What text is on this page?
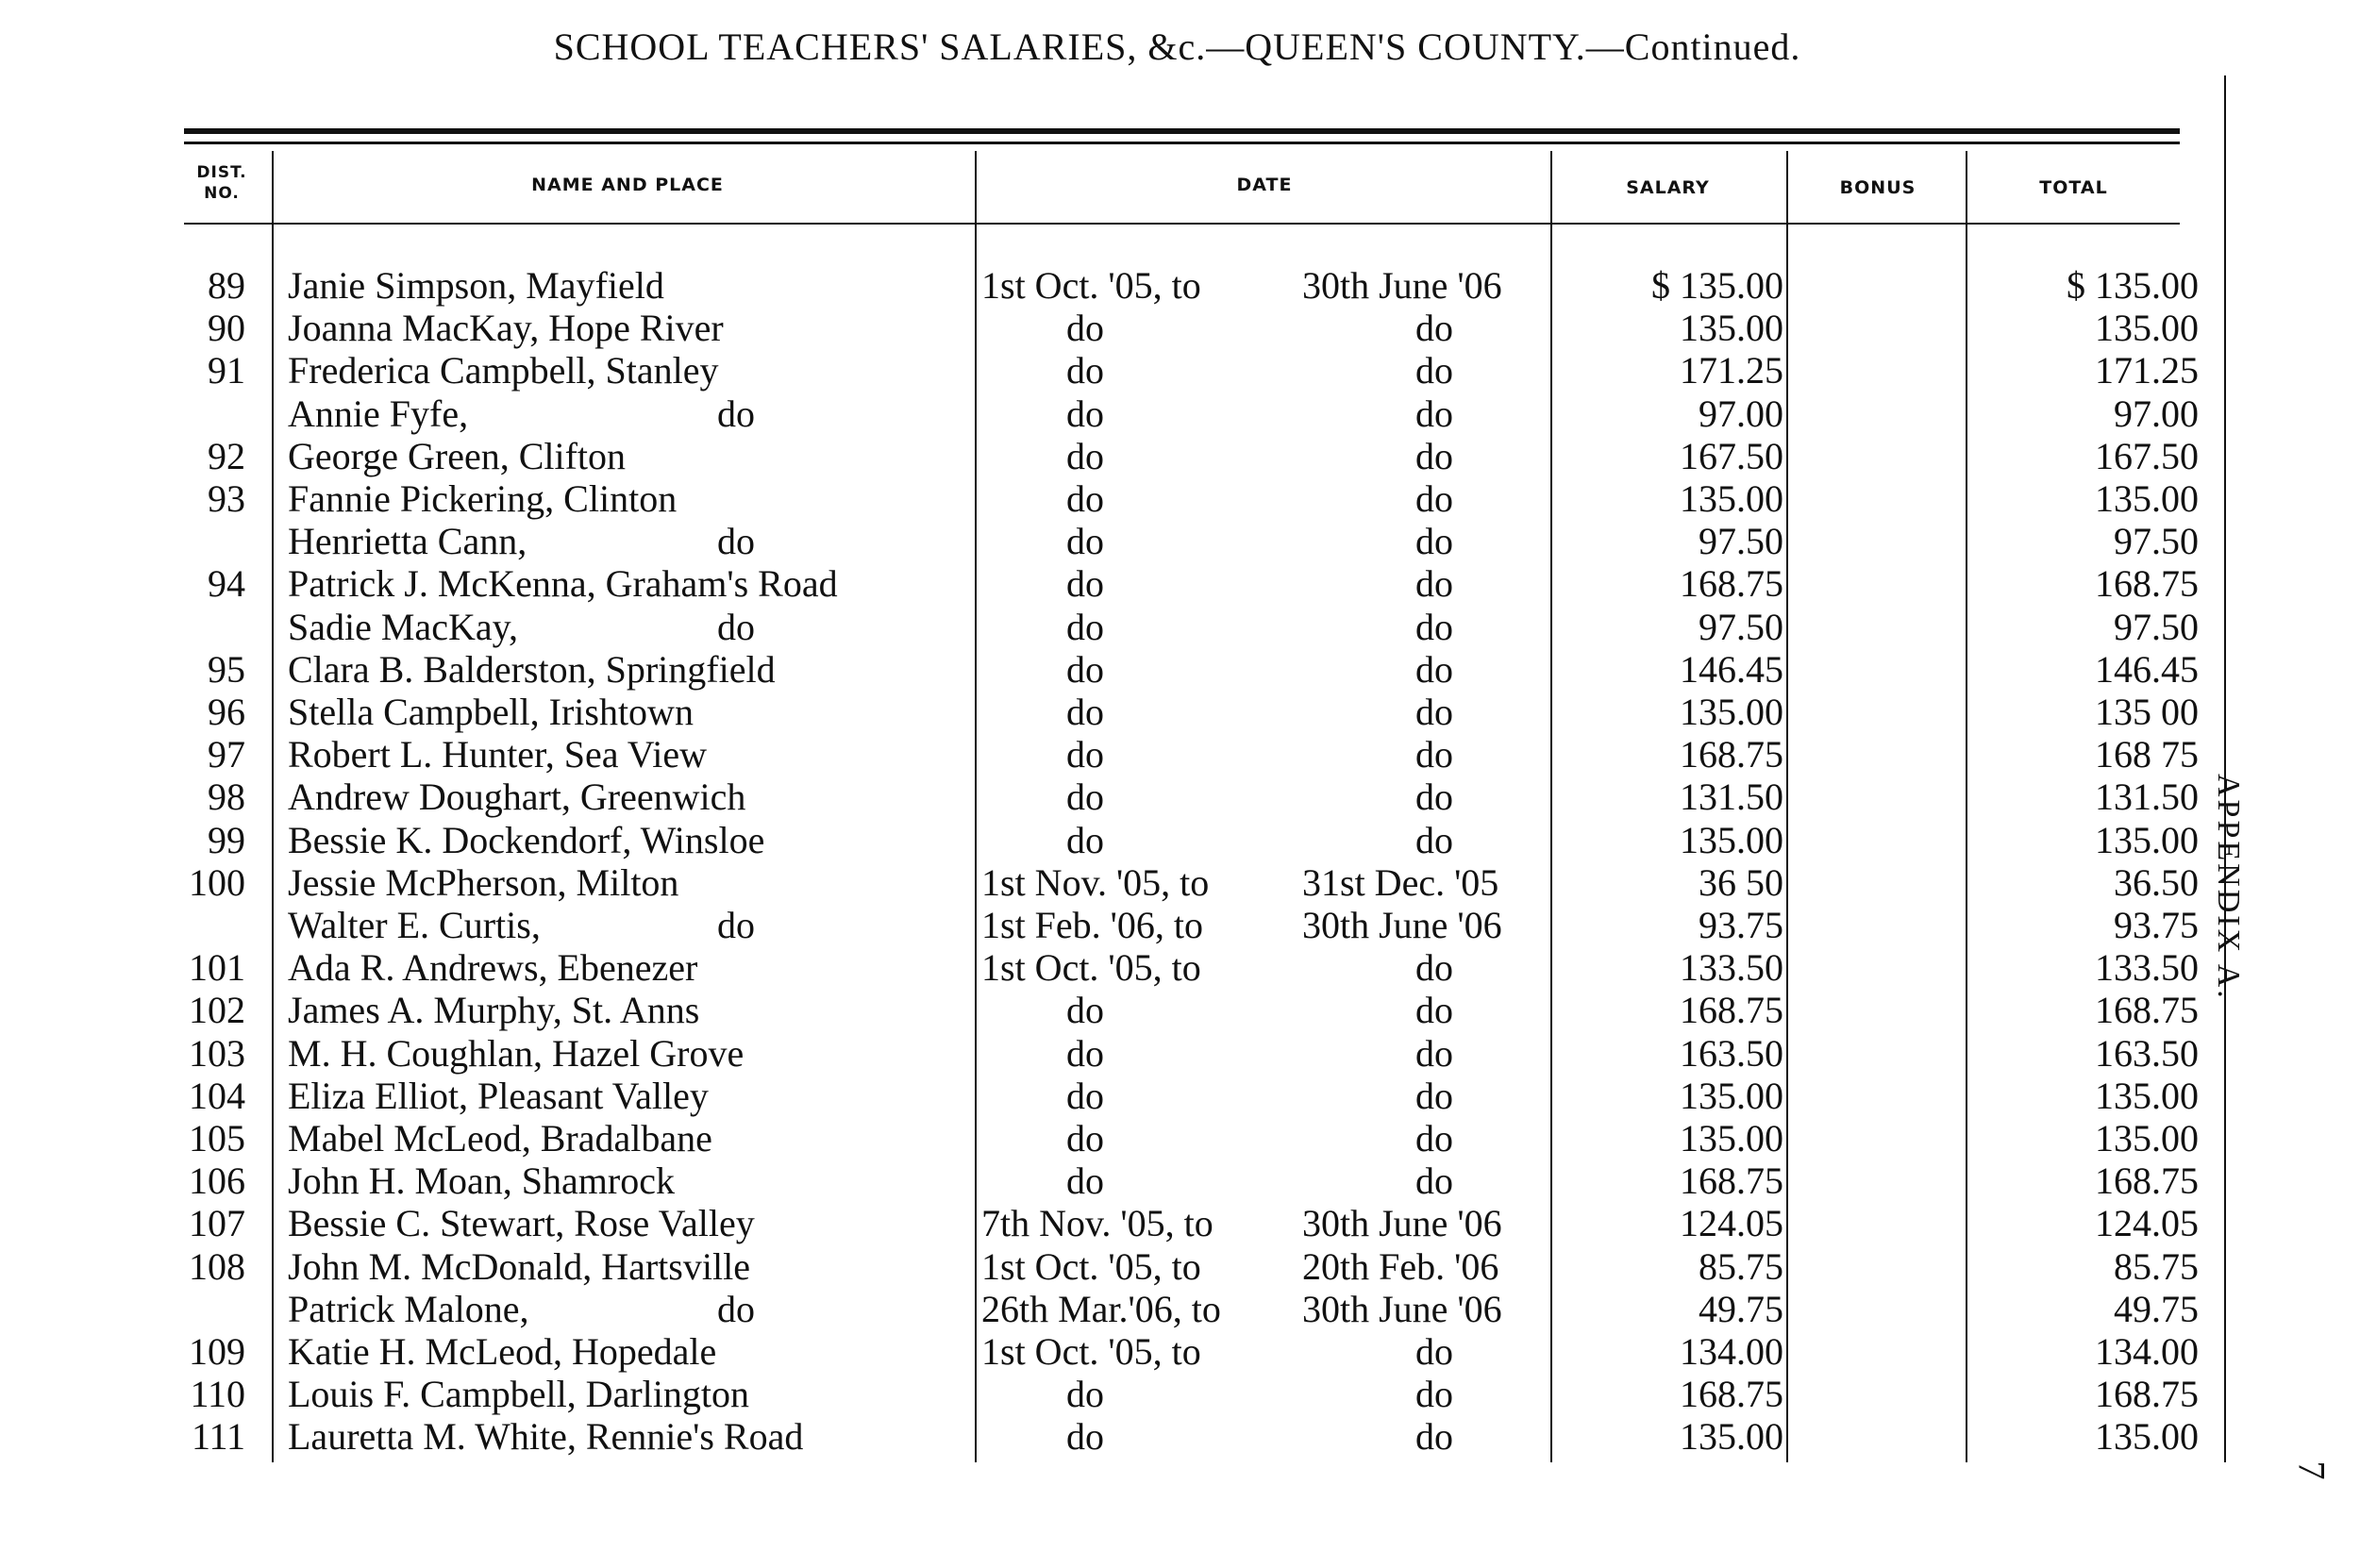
SCHOOL TEACHERS' SALARIES, &c.—QUEEN'S COUNTY.—Continued.
DIST. NO.	NAME AND PLACE	DATE	SALARY	BONUS	TOTAL
89 Janie Simpson, Mayfield	1st Oct. '05, to	30th June '06	$ 135.00	$ 135.00
90 Joanna MacKay, Hope River	do	do	135.00	135.00
91 Frederica Campbell, Stanley	do	do	171.25	171.25
Annie Fyfe,	do	do	do	97.00	97.00
92 George Green, Clifton	do	do	167.50	167.50
93 Fannie Pickering, Clinton	do	do	135.00	135.00
Henrietta Cann,	do	do	do	97.50	97.50
94 Patrick J. McKenna, Graham's Road	do	do	168.75	168.75
Sadie MacKay,	do	do	do	97.50	97.50
95 Clara B. Balderston, Springfield	do	do	146.45	146.45
96 Stella Campbell, Irishtown	do	do	135.00	135 00
97 Robert L. Hunter, Sea View	do	do	168.75	168 75
98 Andrew Doughart, Greenwich	do	do	131.50	131.50
99 Bessie K. Dockendorf, Winsloe	do	do	135.00	135.00
100 Jessie McPherson, Milton	1st Nov. '05, to 31st Dec. '05	36 50	36.50
Walter E. Curtis,	do	1st Feb. '06, to	30th June '06	93.75	93.75
101 Ada R. Andrews, Ebenezer	1st Oct. '05, to	do	133.50	133.50
102 James A. Murphy, St. Anns	do	do	168.75	168.75
103 M. H. Coughlan, Hazel Grove	do	do	163.50	163.50
104 Eliza Elliot, Pleasant Valley	do	do	135.00	135.00
105 Mabel McLeod, Bradalbane	do	do	135.00	135.00
106 John H. Moan, Shamrock	do	do	168.75	168.75
107 Bessie C. Stewart, Rose Valley	7th Nov. '05, to 30th June '06	124.05	124.05
108 John M. McDonald, Hartsville	1st Oct. '05, to	20th Feb. '06	85.75	85.75
Patrick Malone,	do	26th Mar.'06, to 30th June '06	49.75	49.75
109 Katie H. McLeod, Hopedale	1st Oct. '05, to	do	134.00	134.00
110 Louis F. Campbell, Darlington	do	do	168.75	168.75
111 Lauretta M. White, Rennie's Road	do	do	135.00	135.00
APPENDIX A.
7
